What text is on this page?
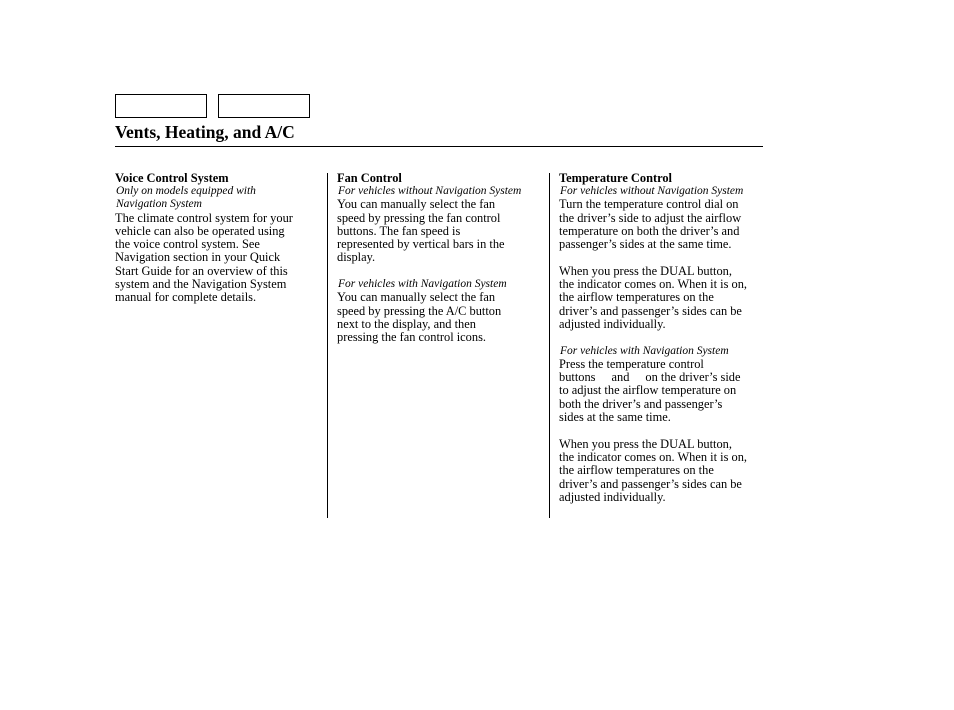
Vents, Heating, and A/C
Voice Control System
Only on models equipped with
Navigation System

The climate control system for your
vehicle can also be operated using
the voice control system. See
Navigation section in your Quick
Start Guide for an overview of this
system and the Navigation System
manual for complete details.

Fan Control
For vehicles without Navigation System

You can manually select the fan
speed by pressing the fan control
buttons. The fan speed is
represented by vertical bars in the
display.

For vehicles with Navigation System

You can manually select the fan
speed by pressing the A/C button
next to the display, and then
pressing the fan control icons.

Temperature Control
For vehicles without Navigation System

Turn the temperature control dial on
the driver’s side to adjust the airflow
temperature on both the driver’s and
passenger’s sides at the same time.

When you press the DUAL button,
the indicator comes on. When it is on,
the airflow temperatures on the
driver’s and passenger’s sides can be
adjusted individually.

For vehicles with Navigation System

Press the temperature control
buttons and on the driver’s side
to adjust the airflow temperature on
both the driver’s and passenger’s
sides at the same time.

When you press the DUAL button,
the indicator comes on. When it is on,
the airflow temperatures on the
driver’s and passenger’s sides can be
adjusted individually.
